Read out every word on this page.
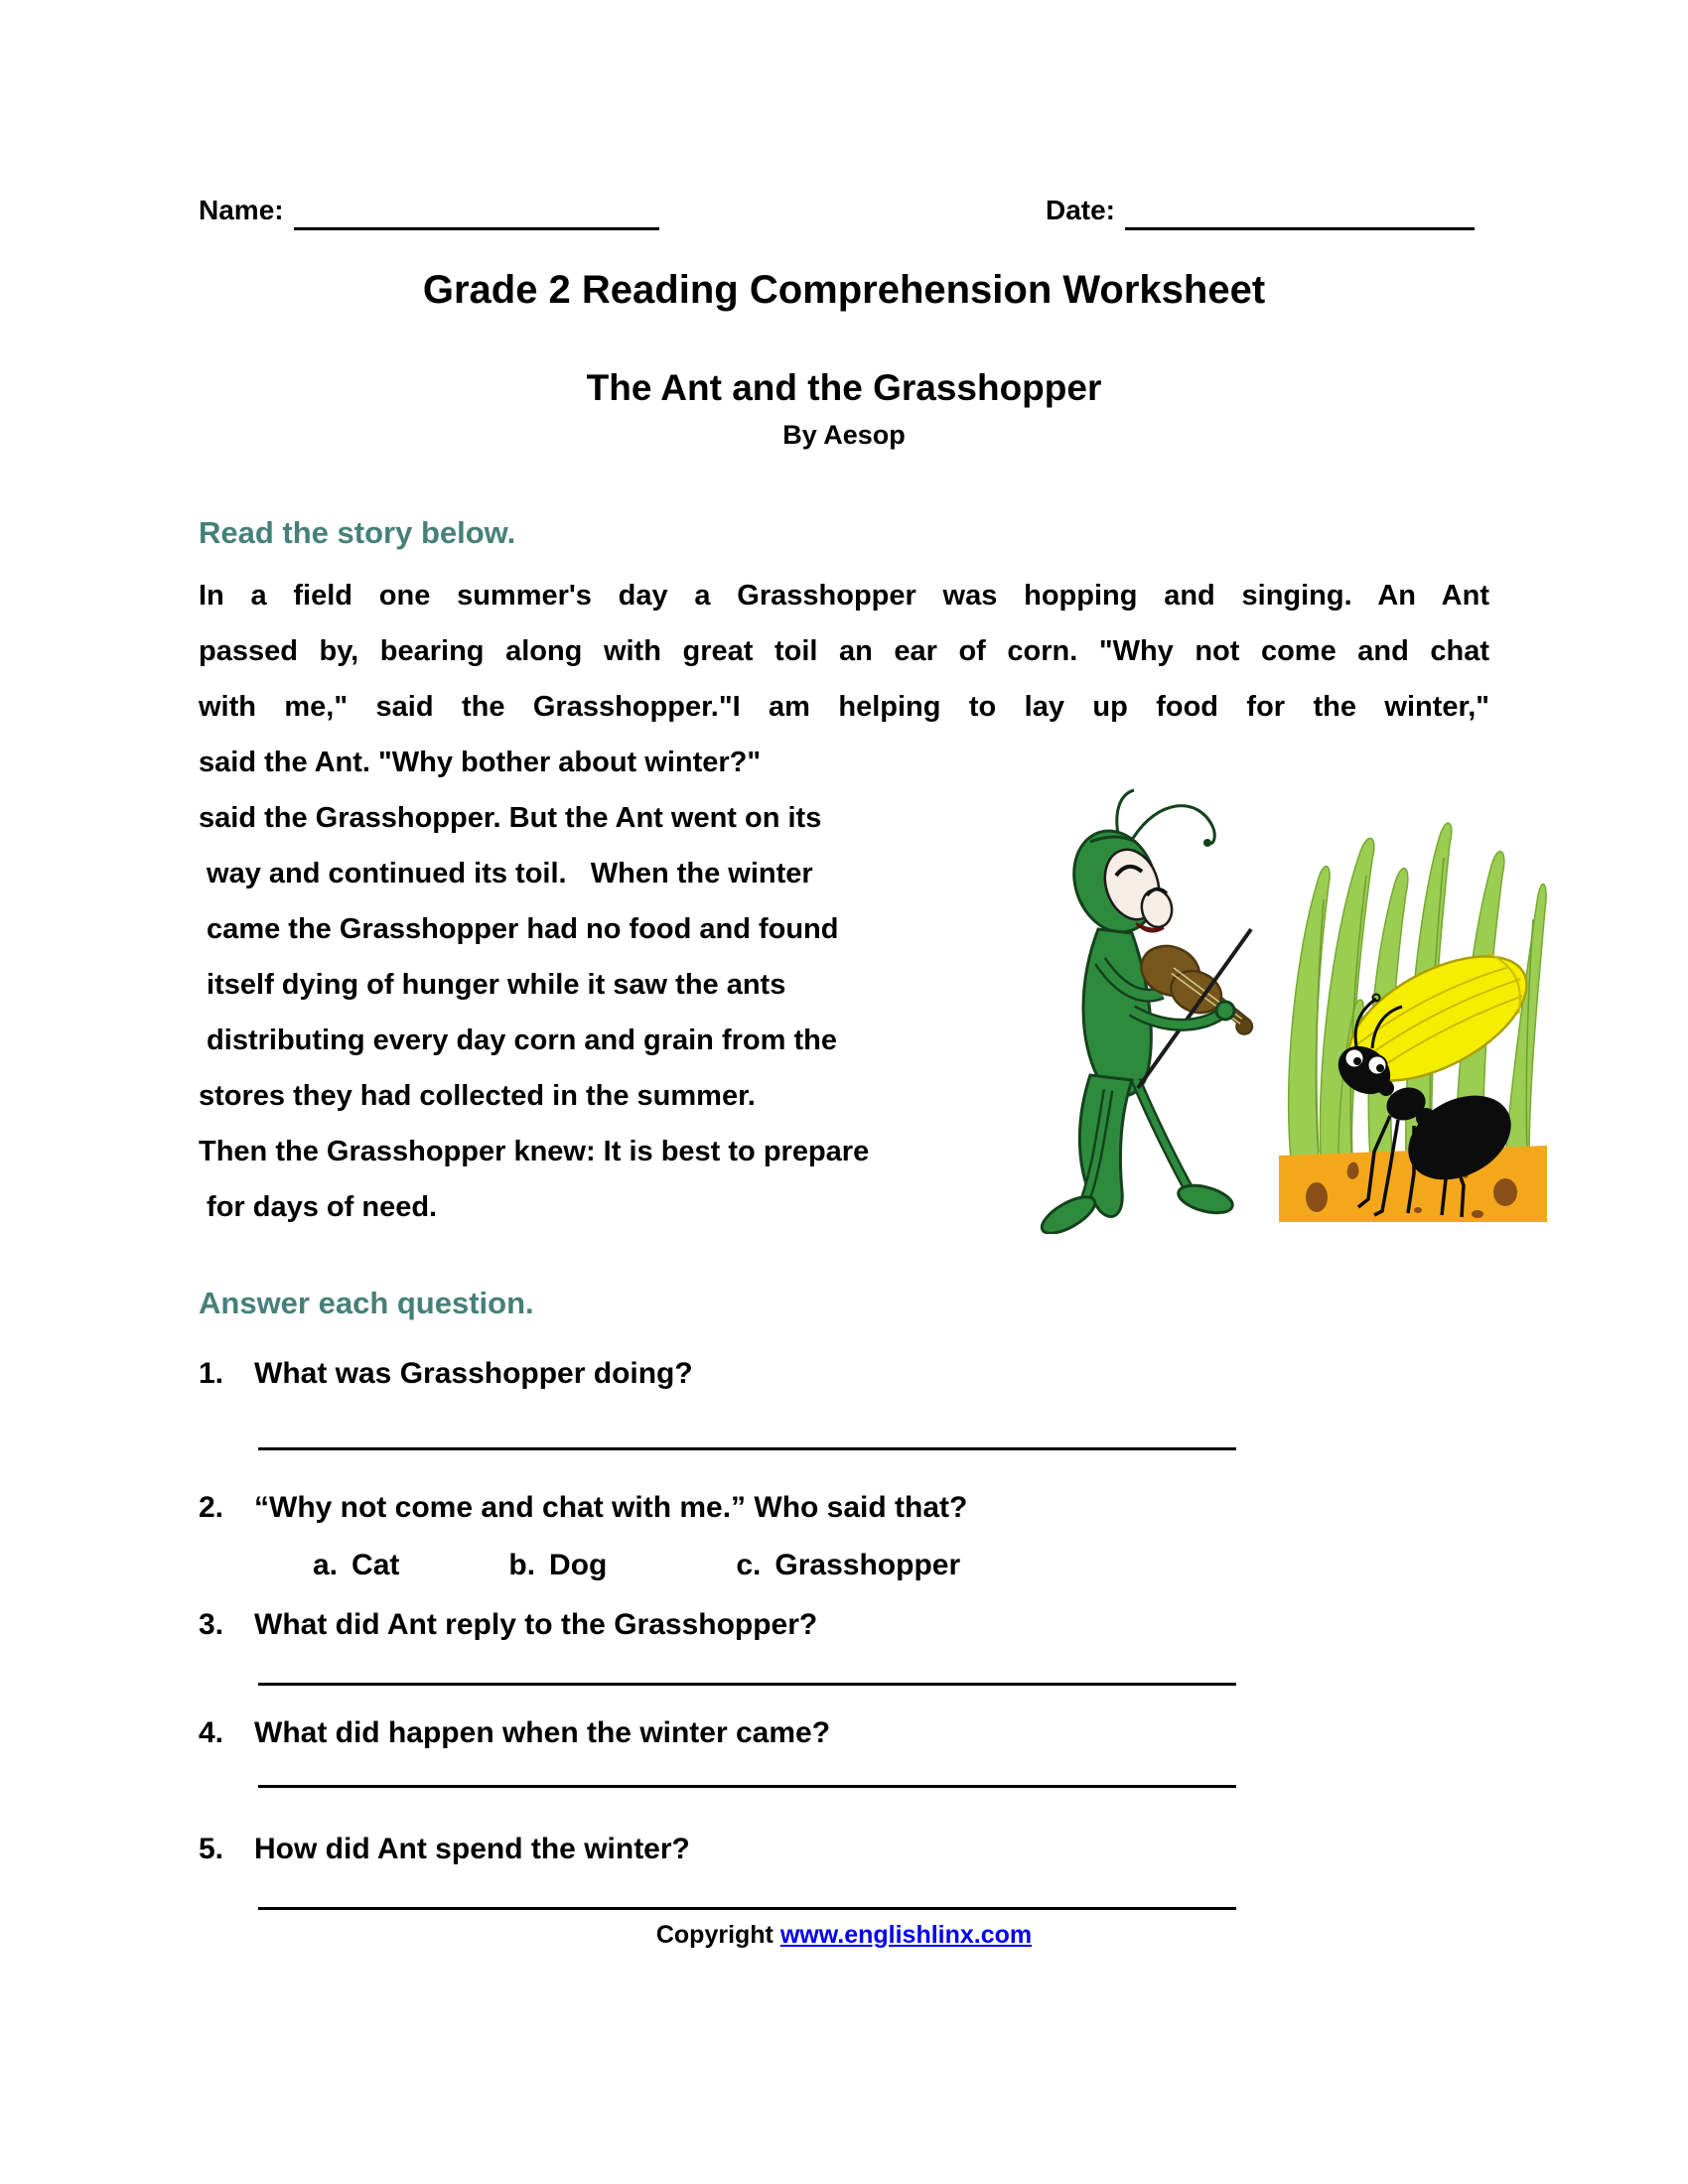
Name:	Date:
Grade 2 Reading Comprehension Worksheet
The Ant and the Grasshopper
By Aesop
Read the story below.
In a field one summer's day a Grasshopper was hopping and singing. An Ant
passed by, bearing along with great toil an ear of corn. "Why not come and chat
with me," said the Grasshopper."I am helping to lay up food for the winter,"
said the Ant. "Why bother about winter?"
said the Grasshopper. But the Ant went on its
way and continued its toil.   When the winter
came the Grasshopper had no food and found
itself dying of hunger while it saw the ants
distributing every day corn and grain from the
stores they had collected in the summer.
Then the Grasshopper knew: It is best to prepare
for days of need.
Answer each question.
1.	What was Grasshopper doing?
2.	“Why not come and chat with me.” Who said that?
a. Cat	b. Dog	c. Grasshopper
3.	What did Ant reply to the Grasshopper?
4.	What did happen when the winter came?
5.	How did Ant spend the winter?
Copyright www.englishlinx.com
